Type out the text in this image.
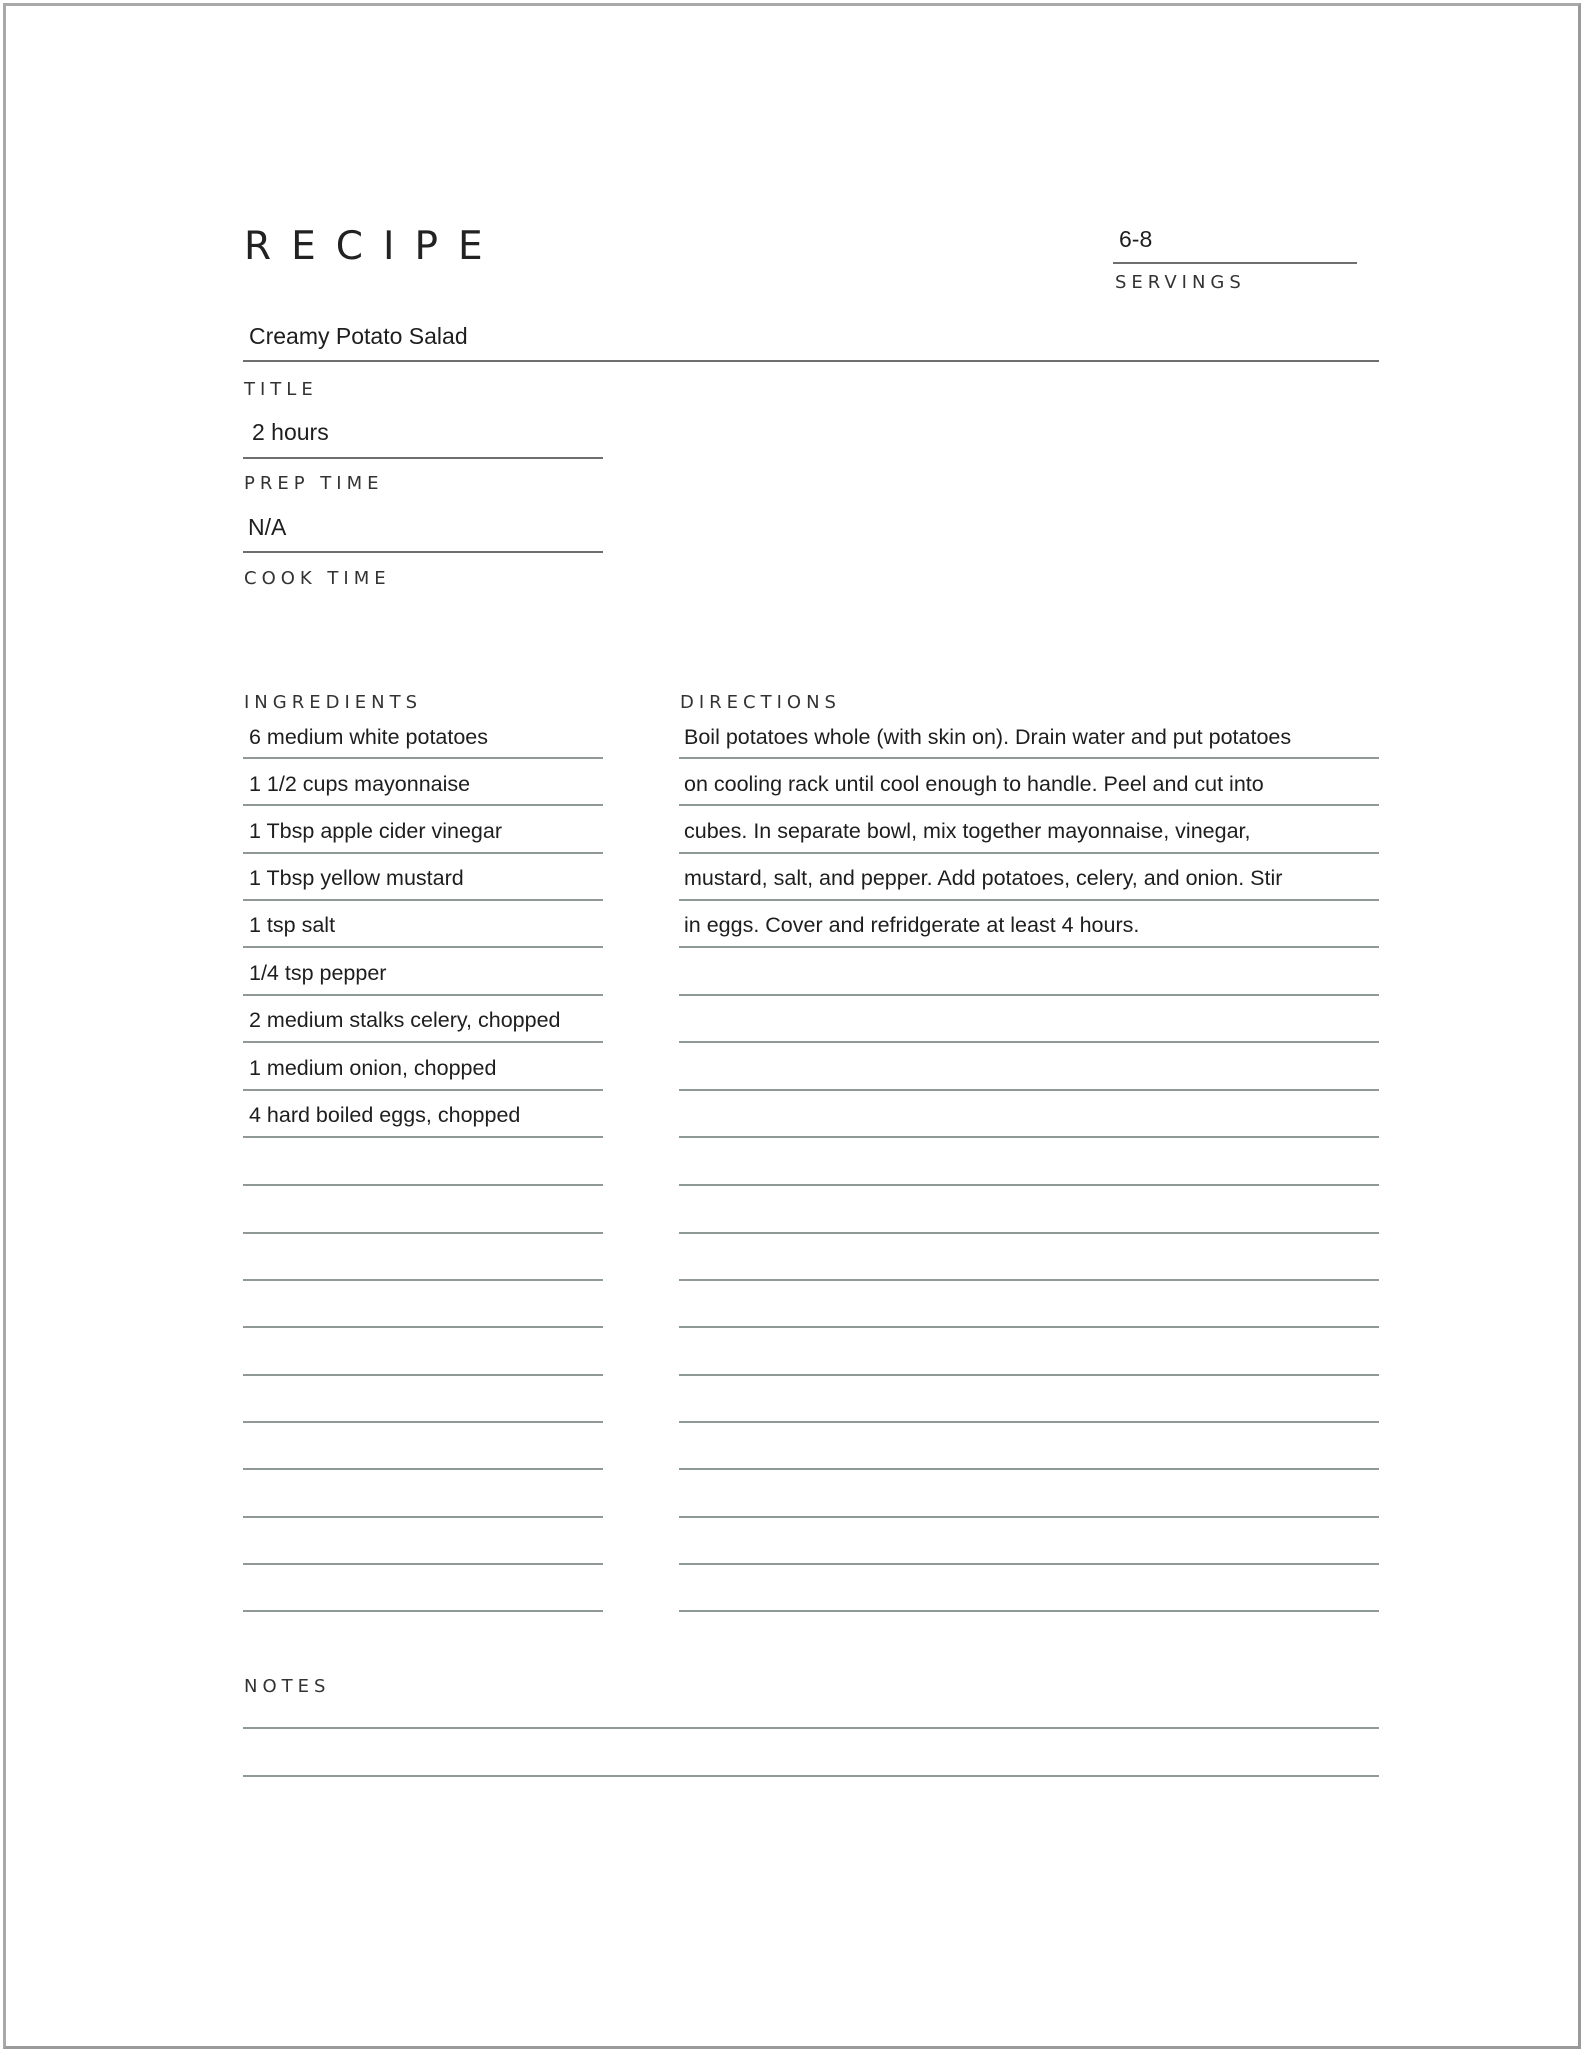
RECIPE	6-8
SERVINGS
Creamy Potato Salad
TITLE
2 hours
PREP TIME
N/A
COOK TIME
INGREDIENTS	DIRECTIONS
6 medium white potatoes
1 1/2 cups mayonnaise
1 Tbsp apple cider vinegar
1 Tbsp yellow mustard
1 tsp salt
1/4 tsp pepper
2 medium stalks celery, chopped
1 medium onion, chopped
4 hard boiled eggs, chopped
Boil potatoes whole (with skin on). Drain water and put potatoes
on cooling rack until cool enough to handle. Peel and cut into
cubes. In separate bowl, mix together mayonnaise, vinegar,
mustard, salt, and pepper. Add potatoes, celery, and onion. Stir
in eggs. Cover and refridgerate at least 4 hours.
NOTES
